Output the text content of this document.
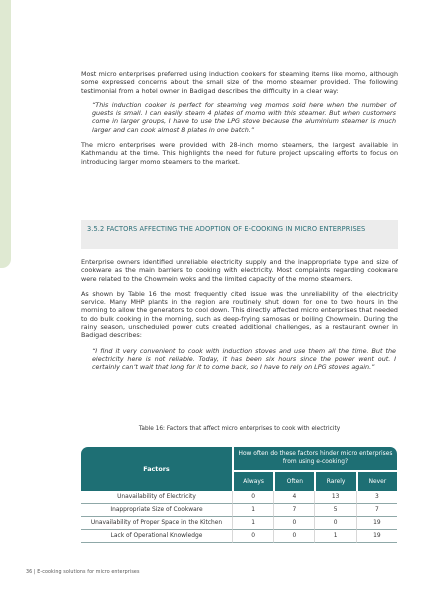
Most micro enterprises preferred using induction cookers for steaming items like momo, although some expressed concerns about the small size of the momo steamer provided. The following testimonial from a hotel owner in Badigad describes the difficulty in a clear way:

“This induction cooker is perfect for steaming veg momos sold here when the number of guests is small. I can easily steam 4 plates of momo with this steamer. But when customers come in larger groups, I have to use the LPG stove because the aluminium steamer is much larger and can cook almost 8 plates in one batch.”

The micro enterprises were provided with 28-inch momo steamers, the largest available in Kathmandu at the time. This highlights the need for future project upscaling efforts to focus on introducing larger momo steamers to the market.

3.5.2 FACTORS AFFECTING THE ADOPTION OF E-COOKING IN MICRO ENTERPRISES

Enterprise owners identified unreliable electricity supply and the inappropriate type and size of cookware as the main barriers to cooking with electricity. Most complaints regarding cookware were related to the Chowmein woks and the limited capacity of the momo steamers.

As shown by Table 16 the most frequently cited issue was the unreliability of the electricity service. Many MHP plants in the region are routinely shut down for one to two hours in the morning to allow the generators to cool down. This directly affected micro enterprises that needed to do bulk cooking in the morning, such as deep-frying samosas or boiling Chowmein. During the rainy season, unscheduled power cuts created additional challenges, as a restaurant owner in Badigad describes:

“I find it very convenient to cook with induction stoves and use them all the time. But the electricity here is not reliable. Today, it has been six hours since the power went out. I certainly can’t wait that long for it to come back, so I have to rely on LPG stoves again.”

Table 16: Factors that affect micro enterprises to cook with electricity
Factors	How often do these factors hinder micro enterprises from using e-cooking?			
	Always	Often	Rarely	Never
Unavailability of Electricity	0	4	13	3
Inappropriate Size of Cookware	1	7	5	7
Unavailability of Proper Space in the Kitchen	1	0	0	19
Lack of Operational Knowledge	0	0	1	19
36 | E-cooking solutions for micro enterprises
